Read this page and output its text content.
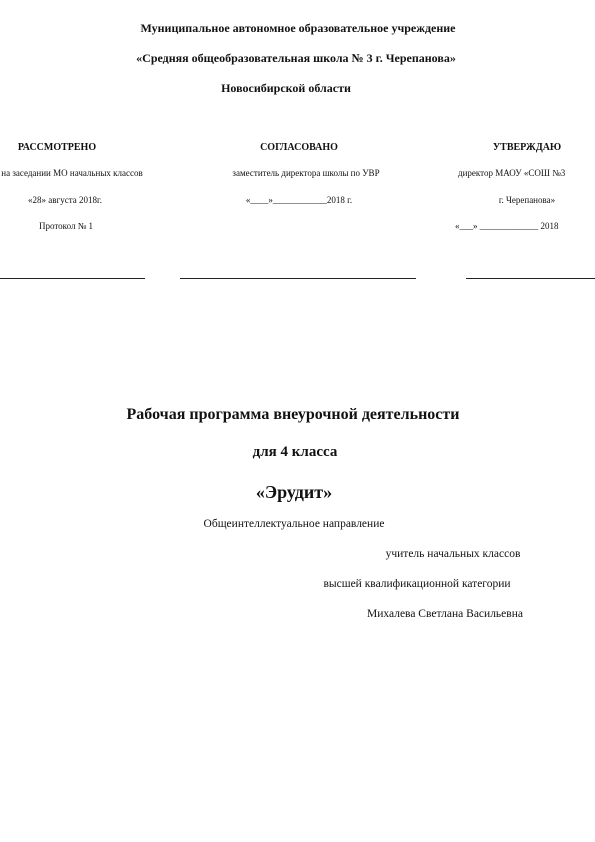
Муниципальное автономное образовательное учреждение
«Средняя общеобразовательная школа № 3 г. Черепанова»
Новосибирской области
РАССМОТРЕНО
на заседании МО начальных классов
«28» августа 2018г.
Протокол № 1
СОГЛАСОВАНО
заместитель директора школы по УВР
«____»____________2018 г.
УТВЕРЖДАЮ
директор МАОУ «СОШ №3
г. Черепанова»
«___» _____________ 2018
Рабочая программа внеурочной деятельности
для 4 класса
«Эрудит»
Общеинтеллектуальное направление
учитель начальных классов
высшей квалификационной категории
Михалева Светлана Васильевна
